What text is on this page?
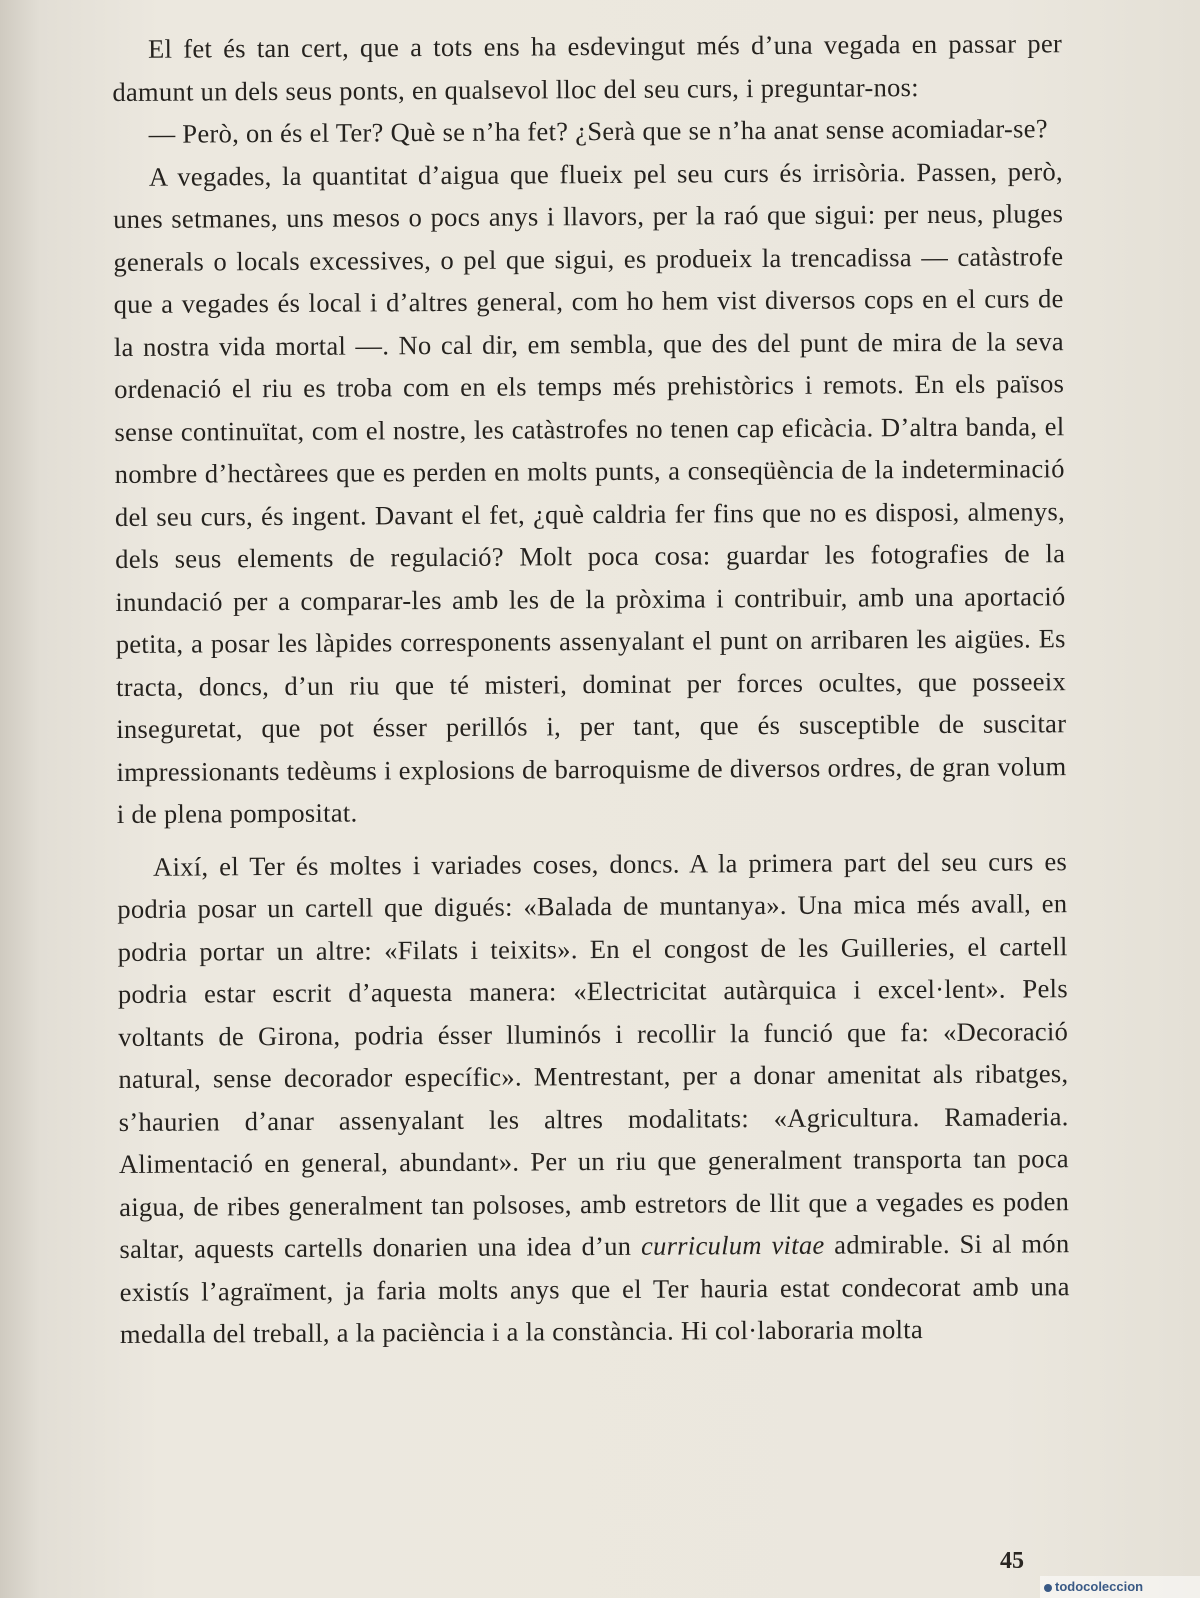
El fet és tan cert, que a tots ens ha esdevingut més d’una vegada en passar per damunt un dels seus ponts, en qualsevol lloc del seu curs, i preguntar-nos:

— Però, on és el Ter? Què se n’ha fet? ¿Serà que se n’ha anat sense acomiadar-se?

A vegades, la quantitat d’aigua que flueix pel seu curs és irrisòria. Passen, però, unes setmanes, uns mesos o pocs anys i llavors, per la raó que sigui: per neus, pluges generals o locals excessives, o pel que sigui, es produeix la trencadissa — catàstrofe que a vegades és local i d’altres general, com ho hem vist diversos cops en el curs de la nostra vida mortal —. No cal dir, em sembla, que des del punt de mira de la seva ordenació el riu es troba com en els temps més prehistòrics i remots. En els països sense continuïtat, com el nostre, les catàstrofes no tenen cap eficàcia. D’altra banda, el nombre d’hectàrees que es perden en molts punts, a conseqüència de la indeterminació del seu curs, és ingent. Davant el fet, ¿què caldria fer fins que no es disposi, almenys, dels seus elements de regulació? Molt poca cosa: guardar les fotografies de la inundació per a comparar-les amb les de la pròxima i contribuir, amb una aportació petita, a posar les làpides corresponents assenyalant el punt on arribaren les aigües. Es tracta, doncs, d’un riu que té misteri, dominat per forces ocultes, que posseeix inseguretat, que pot ésser perillós i, per tant, que és susceptible de suscitar impressionants tedèums i explosions de barroquisme de diversos ordres, de gran volum i de plena pompositat.

Així, el Ter és moltes i variades coses, doncs. A la primera part del seu curs es podria posar un cartell que digués: «Balada de muntanya». Una mica més avall, en podria portar un altre: «Filats i teixits». En el congost de les Guilleries, el cartell podria estar escrit d’aquesta manera: «Electricitat autàrquica i excel·lent». Pels voltants de Girona, podria ésser lluminós i recollir la funció que fa: «Decoració natural, sense decorador específic». Mentrestant, per a donar amenitat als ribatges, s’haurien d’anar assenyalant les altres modalitats: «Agricultura. Ramaderia. Alimentació en general, abundant». Per un riu que generalment transporta tan poca aigua, de ribes generalment tan polsoses, amb estretors de llit que a vegades es poden saltar, aquests cartells donarien una idea d’un curriculum vitae admirable. Si al món existís l’agraïment, ja faria molts anys que el Ter hauria estat condecorat amb una medalla del treball, a la paciència i a la constància. Hi col·laboraria molta

45
todocoleccion
